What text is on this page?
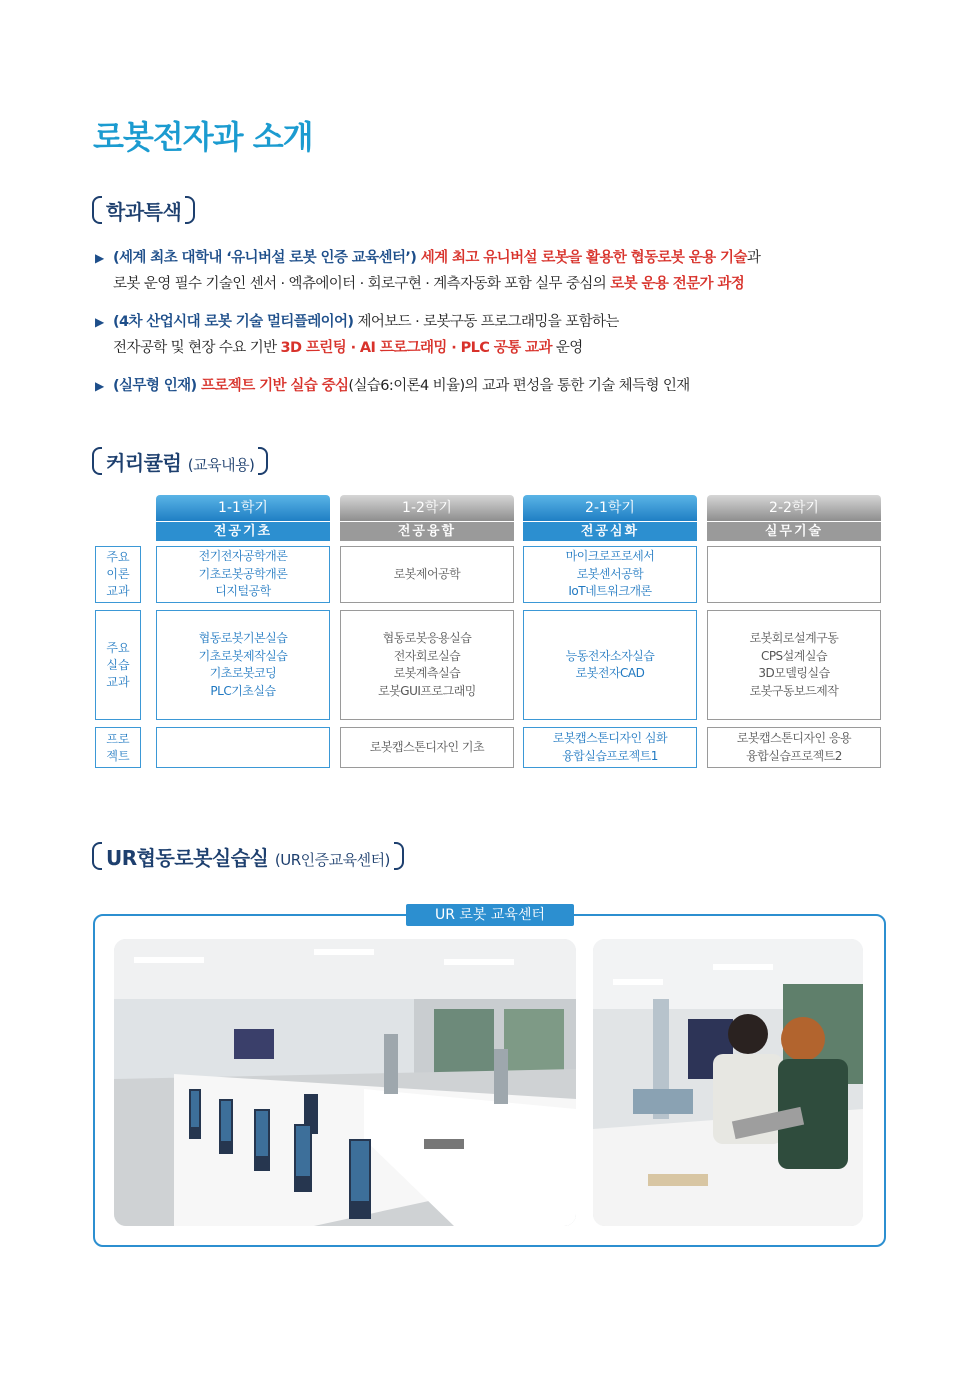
로봇전자과 소개
학과특색
▶ (세계 최초 대학내 ‘유니버설 로봇 인증 교육센터’) 세계 최고 유니버설 로봇을 활용한 협동로봇 운용 기술과
로봇 운영 필수 기술인 센서 · 엑츄에이터 · 회로구현 · 계측자동화 포함 실무 중심의 로봇 운용 전문가 과정
▶ (4차 산업시대 로봇 기술 멀티플레이어) 제어보드 · 로봇구동 프로그래밍을 포함하는
전자공학 및 현장 수요 기반 3D 프린팅 · AI 프로그래밍 · PLC 공통 교과 운영
▶ (실무형 인재) 프로젝트 기반 실습 중심(실습6:이론4 비율)의 교과 편성을 통한 기술 체득형 인재
커리큘럼 (교육내용)
주요
이론
교과
주요
실습
교과
프로
젝트
1-1학기
전공기초
전기전자공학개론
기초로봇공학개론
디지털공학
협동로봇기본실습
기초로봇제작실습
기초로봇코딩
PLC기초실습
1-2학기
전공융합
로봇제어공학
협동로봇응용실습
전자회로실습
로봇계측실습
로봇GUI프로그래밍
로봇캡스톤디자인 기초
2-1학기
전공심화
마이크로프로세서
로봇센서공학
IoT네트워크개론
능동전자소자실습
로봇전자CAD
로봇캡스톤디자인 심화
융합실습프로젝트1
2-2학기
실무기술
로봇회로설계구동
CPS설계실습
3D모델링실습
로봇구동보드제작
로봇캡스톤디자인 응용
융합실습프로젝트2
UR협동로봇실습실 (UR인증교육센터)
UR 로봇 교육센터
